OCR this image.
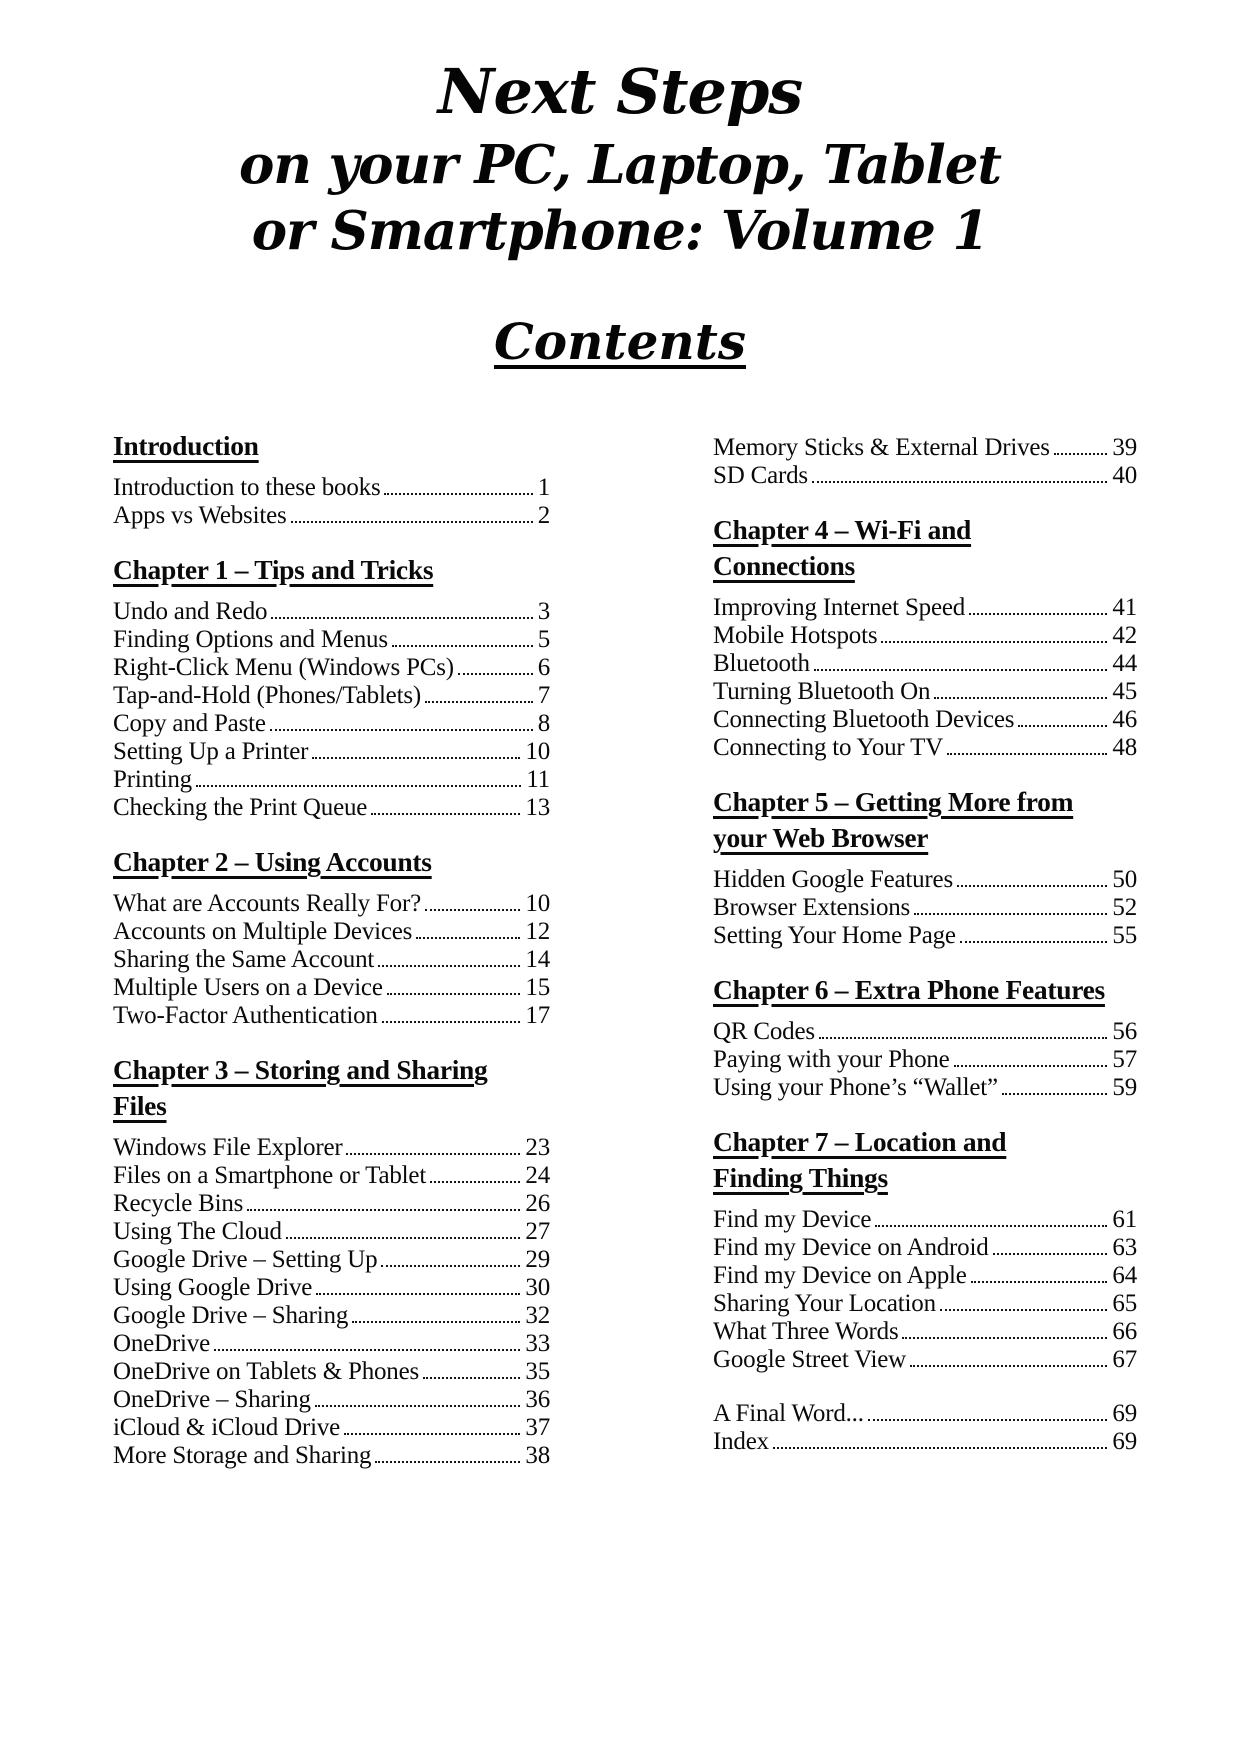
Next Steps
on your PC, Laptop, Tablet
or Smartphone: Volume 1
Contents
Introduction
Introduction to these books	1
Apps vs Websites	2
Chapter 1 – Tips and Tricks
Undo and Redo	3
Finding Options and Menus	5
Right-Click Menu (Windows PCs)	6
Tap-and-Hold (Phones/Tablets)	7
Copy and Paste	8
Setting Up a Printer	10
Printing	11
Checking the Print Queue	13
Chapter 2 – Using Accounts
What are Accounts Really For?	10
Accounts on Multiple Devices	12
Sharing the Same Account	14
Multiple Users on a Device	15
Two-Factor Authentication	17
Chapter 3 – Storing and Sharing
Files
Windows File Explorer	23
Files on a Smartphone or Tablet	24
Recycle Bins	26
Using The Cloud	27
Google Drive – Setting Up	29
Using Google Drive	30
Google Drive – Sharing	32
OneDrive	33
OneDrive on Tablets & Phones	35
OneDrive – Sharing	36
iCloud & iCloud Drive	37
More Storage and Sharing	38
Memory Sticks & External Drives	39
SD Cards	40
Chapter 4 – Wi-Fi and
Connections
Improving Internet Speed	41
Mobile Hotspots	42
Bluetooth	44
Turning Bluetooth On	45
Connecting Bluetooth Devices	46
Connecting to Your TV	48
Chapter 5 – Getting More from
your Web Browser
Hidden Google Features	50
Browser Extensions	52
Setting Your Home Page	55
Chapter 6 – Extra Phone Features
QR Codes	56
Paying with your Phone	57
Using your Phone’s “Wallet”	59
Chapter 7 – Location and
Finding Things
Find my Device	61
Find my Device on Android	63
Find my Device on Apple	64
Sharing Your Location	65
What Three Words	66
Google Street View	67
A Final Word...	69
Index	69
